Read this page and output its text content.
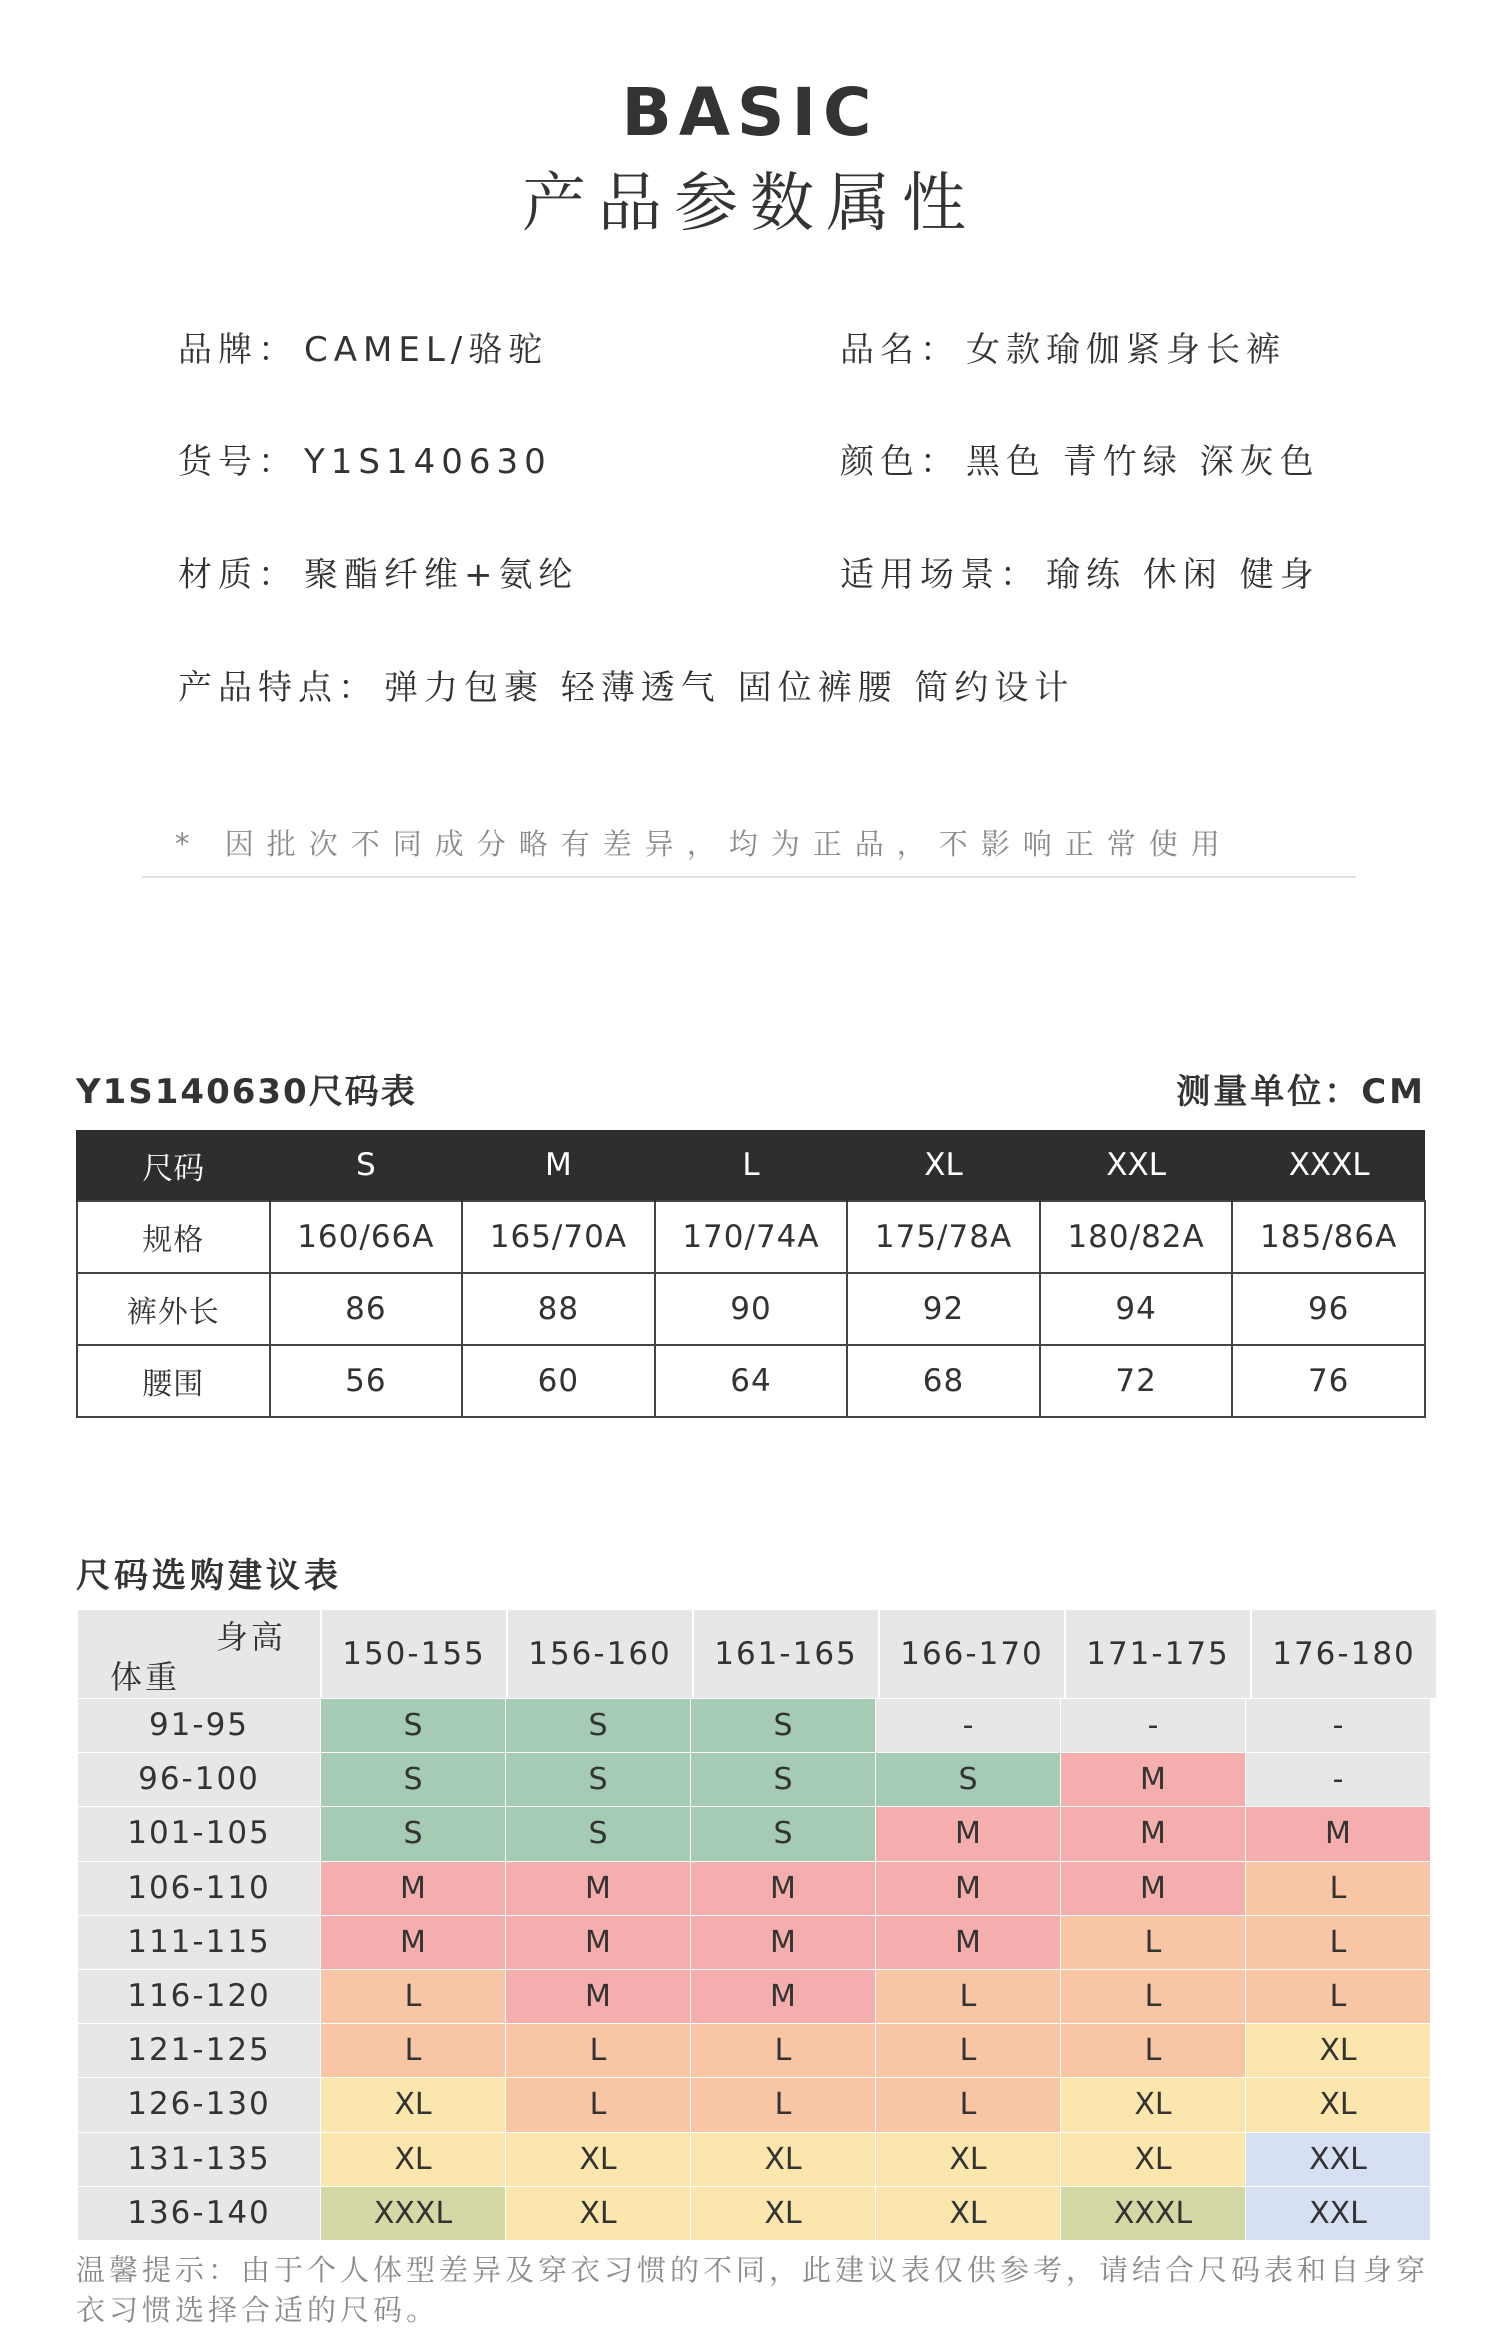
BASIC
产品参数属性
品牌： CAMEL/骆驼	品名： 女款瑜伽紧身长裤
货号： Y1S140630	颜色： 黑色 青竹绿 深灰色
材质： 聚酯纤维+氨纶	适用场景： 瑜练 休闲 健身
产品特点： 弹力包裹 轻薄透气 固位裤腰 简约设计
* 因批次不同成分略有差异，均为正品，不影响正常使用
Y1S140630尺码表	测量单位：CM
尺码	S	M	L	XL	XXL	XXXL
规格	160/66A	165/70A	170/74A	175/78A	180/82A	185/86A
裤外长	86	88	90	92	94	96
腰围	56	60	64	68	72	76
尺码选购建议表
身高
体重
150-155	156-160	161-165	166-170	171-175	176-180
91-95	S	S	S	-	-	-
96-100	S	S	S	S	M	-
101-105	S	S	S	M	M	M
106-110	M	M	M	M	M	L
111-115	M	M	M	M	L	L
116-120	L	M	M	L	L	L
121-125	L	L	L	L	L	XL
126-130	XL	L	L	L	XL	XL
131-135	XL	XL	XL	XL	XL	XXL
136-140	XXXL	XL	XL	XL	XXXL	XXL
温馨提示：由于个人体型差异及穿衣习惯的不同，此建议表仅供参考，请结合尺码表和自身穿衣习惯选择合适的尺码。
